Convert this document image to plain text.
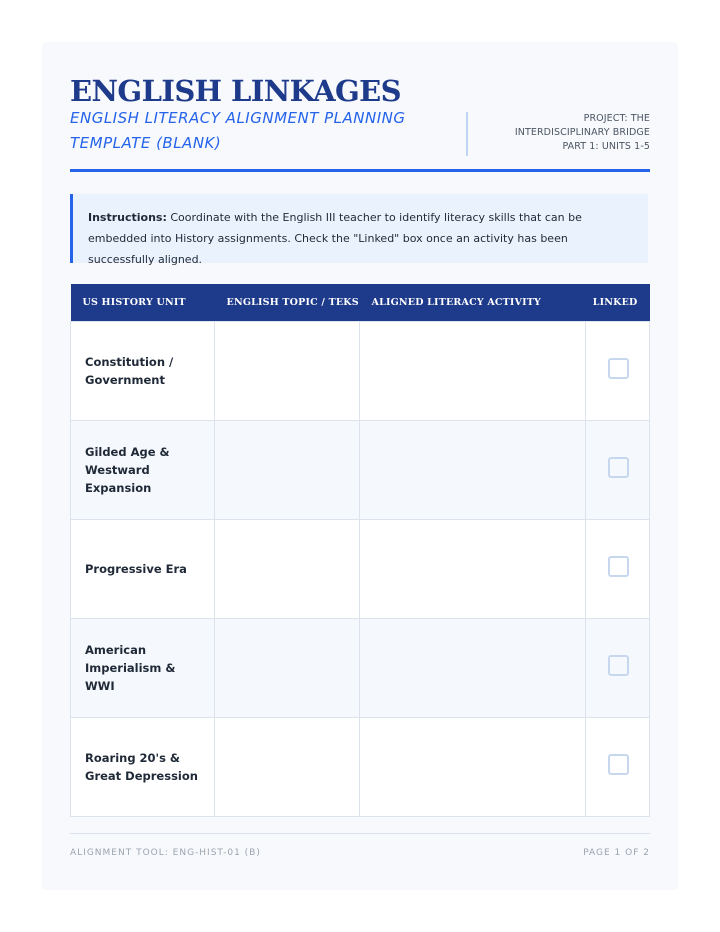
ENGLISH LINKAGES

ENGLISH LITERACY ALIGNMENT PLANNING TEMPLATE (BLANK)

PROJECT: THE
INTERDISCIPLINARY BRIDGE
PART 1: UNITS 1-5
Instructions: Coordinate with the English III teacher to identify literacy skills that can be embedded into History assignments. Check the "Linked" box once an activity has been successfully aligned.
US HISTORY UNIT	ENGLISH TOPIC / TEKS	ALIGNED LITERACY ACTIVITY	LINKED
Constitution / Government			
Gilded Age & Westward Expansion			
Progressive Era			
American Imperialism & WWI			
Roaring 20's & Great Depression			
ALIGNMENT TOOL: ENG-HIST-01 (B)	PAGE 1 OF 2
